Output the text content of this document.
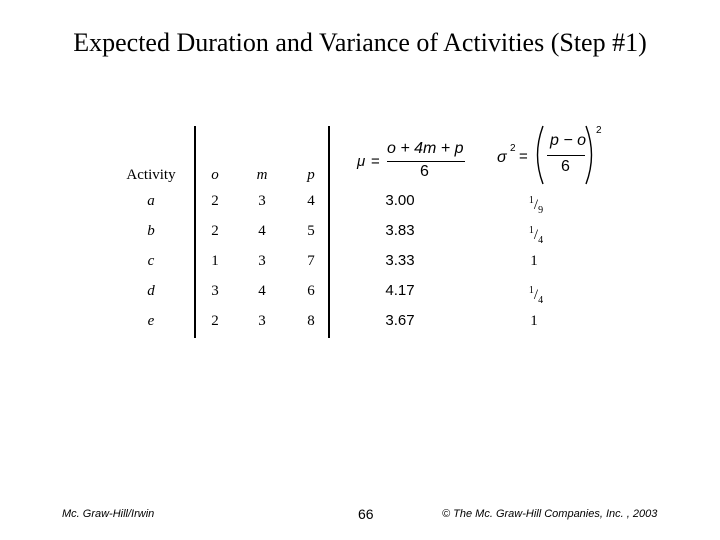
Expected Duration and Variance of Activities (Step #1)
Activity o	m	p
μ =
o + 4m + p
6
σ
2 =
p − o
6
2
a	2	3	4	3.00	$^1/_9$
b	2	4	5	3.83	$^1/_4$
c	1	3	7	3.33	1
d	3	4	6	4.17	$^1/_4$
e	2	3	8	3.67	1
Mc. Graw-Hill/Irwin	66	© The Mc. Graw-Hill Companies, Inc. , 2003
